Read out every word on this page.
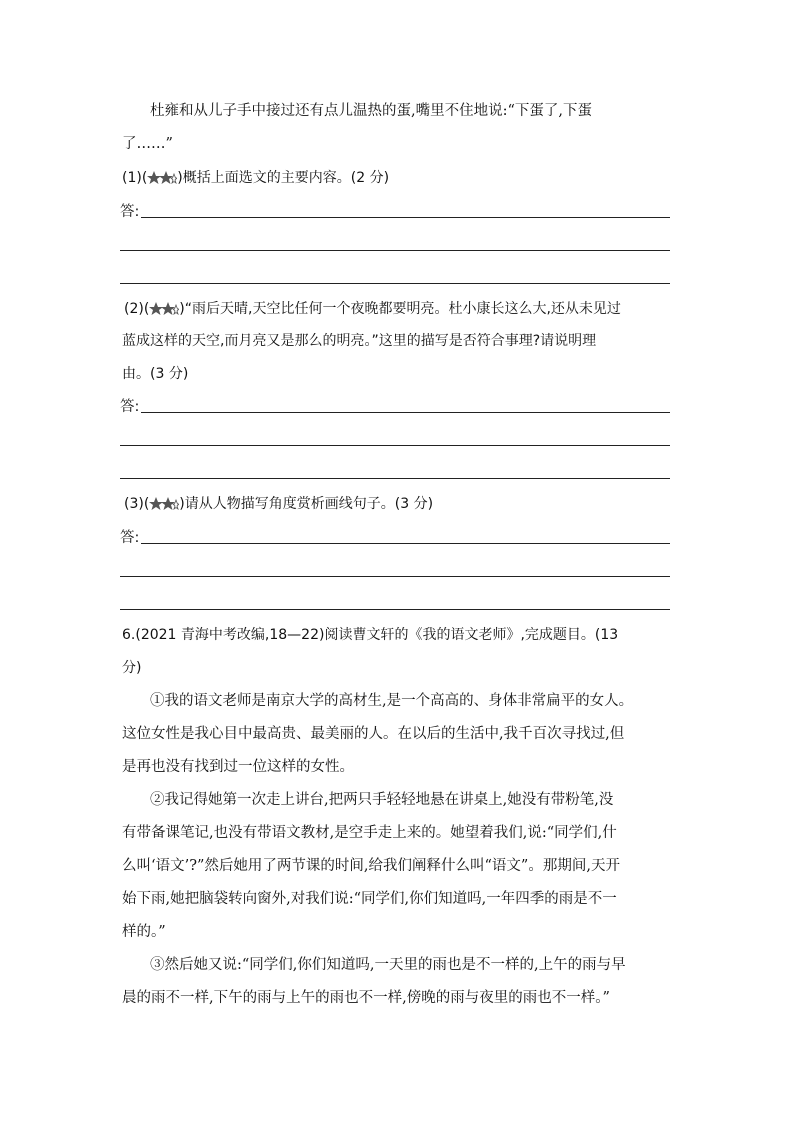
杜雍和从儿子手中接过还有点儿温热的蛋,嘴里不住地说:“下蛋了,下蛋
了……”
(1)( )概括上面选文的主要内容。(2 分)
答:
(2)( )“雨后天晴,天空比任何一个夜晚都要明亮。杜小康长这么大,还从未见过
蓝成这样的天空,而月亮又是那么的明亮。”这里的描写是否符合事理?请说明理
由。(3 分)
答:
(3)( )请从人物描写角度赏析画线句子。(3 分)
答:
6.(2021 青海中考改编,18—22)阅读曹文轩的《我的语文老师》,完成题目。(13
分)
①我的语文老师是南京大学的高材生,是一个高高的、身体非常扁平的女人。
这位女性是我心目中最高贵、最美丽的人。在以后的生活中,我千百次寻找过,但
是再也没有找到过一位这样的女性。
②我记得她第一次走上讲台,把两只手轻轻地悬在讲桌上,她没有带粉笔,没
有带备课笔记,也没有带语文教材,是空手走上来的。她望着我们,说:“同学们,什
么叫‘语文’?”然后她用了两节课的时间,给我们阐释什么叫“语文”。那期间,天开
始下雨,她把脑袋转向窗外,对我们说:“同学们,你们知道吗,一年四季的雨是不一
样的。”
③然后她又说:“同学们,你们知道吗,一天里的雨也是不一样的,上午的雨与早
晨的雨不一样,下午的雨与上午的雨也不一样,傍晚的雨与夜里的雨也不一样。”
